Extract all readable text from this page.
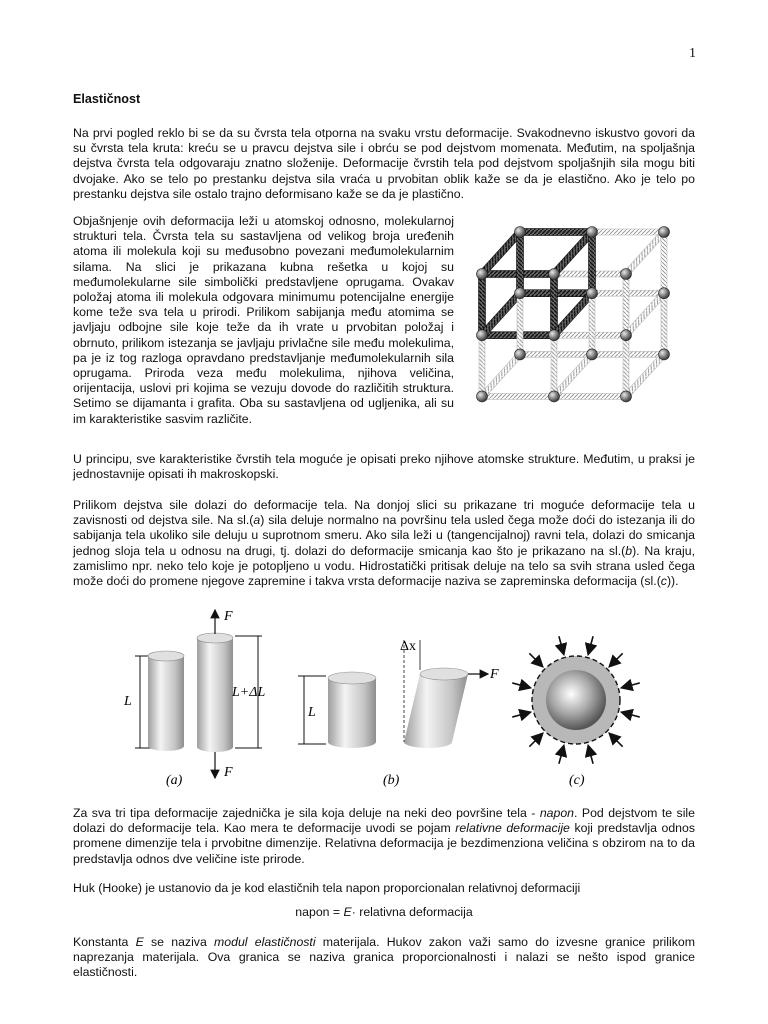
1
Elastičnost

Na prvi pogled reklo bi se da su čvrsta tela otporna na svaku vrstu deformacije. Svakodnevno iskustvo govori da su čvrsta tela kruta: kreću se u pravcu dejstva sile i obrću se pod dejstvom momenata. Međutim, na spoljašnja dejstva čvrsta tela odgovaraju znatno složenije. Deformacije čvrstih tela pod dejstvom spoljašnjih sila mogu biti dvojake. Ako se telo po prestanku dejstva sila vraća u prvobitan oblik kaže se da je elastično. Ako je telo po prestanku dejstva sile ostalo trajno deformisano kaže se da je plastično.

Objašnjenje ovih deformacija leži u atomskoj odnosno, molekularnoj strukturi tela. Čvrsta tela su sastavljena od velikog broja uređenih atoma ili molekula koji su međusobno povezani međumolekularnim silama. Na slici je prikazana kubna rešetka u kojoj su međumolekularne sile simbolički predstavljene oprugama. Ovakav položaj atoma ili molekula odgovara minimumu potencijalne energije kome teže sva tela u prirodi. Prilikom sabijanja među atomima se javljaju odbojne sile koje teže da ih vrate u prvobitan položaj i obrnuto, prilikom istezanja se javljaju privlačne sile među molekulima, pa je iz tog razloga opravdano predstavljanje međumolekularnih sila oprugama. Priroda veza među molekulima, njihova veličina, orijentacija, uslovi pri kojima se vezuju dovode do različitih struktura. Setimo se dijamanta i grafita. Oba su sastavljena od ugljenika, ali su im karakteristike sasvim različite.

U principu, sve karakteristike čvrstih tela moguće je opisati preko njihove atomske strukture. Međutim, u praksi je jednostavnije opisati ih makroskopski.

Prilikom dejstva sile dolazi do deformacije tela. Na donjoj slici su prikazane tri moguće deformacije tela u zavisnosti od dejstva sile. Na sl.(a) sila deluje normalno na površinu tela usled čega može doći do istezanja ili do sabijanja tela ukoliko sile deluju u suprotnom smeru. Ako sila leži u (tangencijalnoj) ravni tela, dolazi do smicanja jednog sloja tela u odnosu na drugi, tj. dolazi do deformacije smicanja kao što je prikazano na sl.(b). Na kraju, zamislimo npr. neko telo koje je potopljeno u vodu. Hidrostatički pritisak deluje na telo sa svih strana usled čega može doći do promene njegove zapremine i takva vrsta deformacije naziva se zapreminska deformacija (sl.(c)).

L
F
F
L+ΔL
(a)
L
Δx
F
(b)	(c)

Za sva tri tipa deformacije zajednička je sila koja deluje na neki deo površine tela - napon. Pod dejstvom te sile dolazi do deformacije tela. Kao mera te deformacije uvodi se pojam relativne deformacije koji predstavlja odnos promene dimenzije tela i prvobitne dimenzije. Relativna deformacija je bezdimenziona veličina s obzirom na to da predstavlja odnos dve veličine iste prirode.

Huk (Hooke) je ustanovio da je kod elastičnih tela napon proporcionalan relativnoj deformaciji

napon = E· relativna deformacija

Konstanta E se naziva modul elastičnosti materijala. Hukov zakon važi samo do izvesne granice prilikom naprezanja materijala. Ova granica se naziva granica proporcionalnosti i nalazi se nešto ispod granice elastičnosti.
